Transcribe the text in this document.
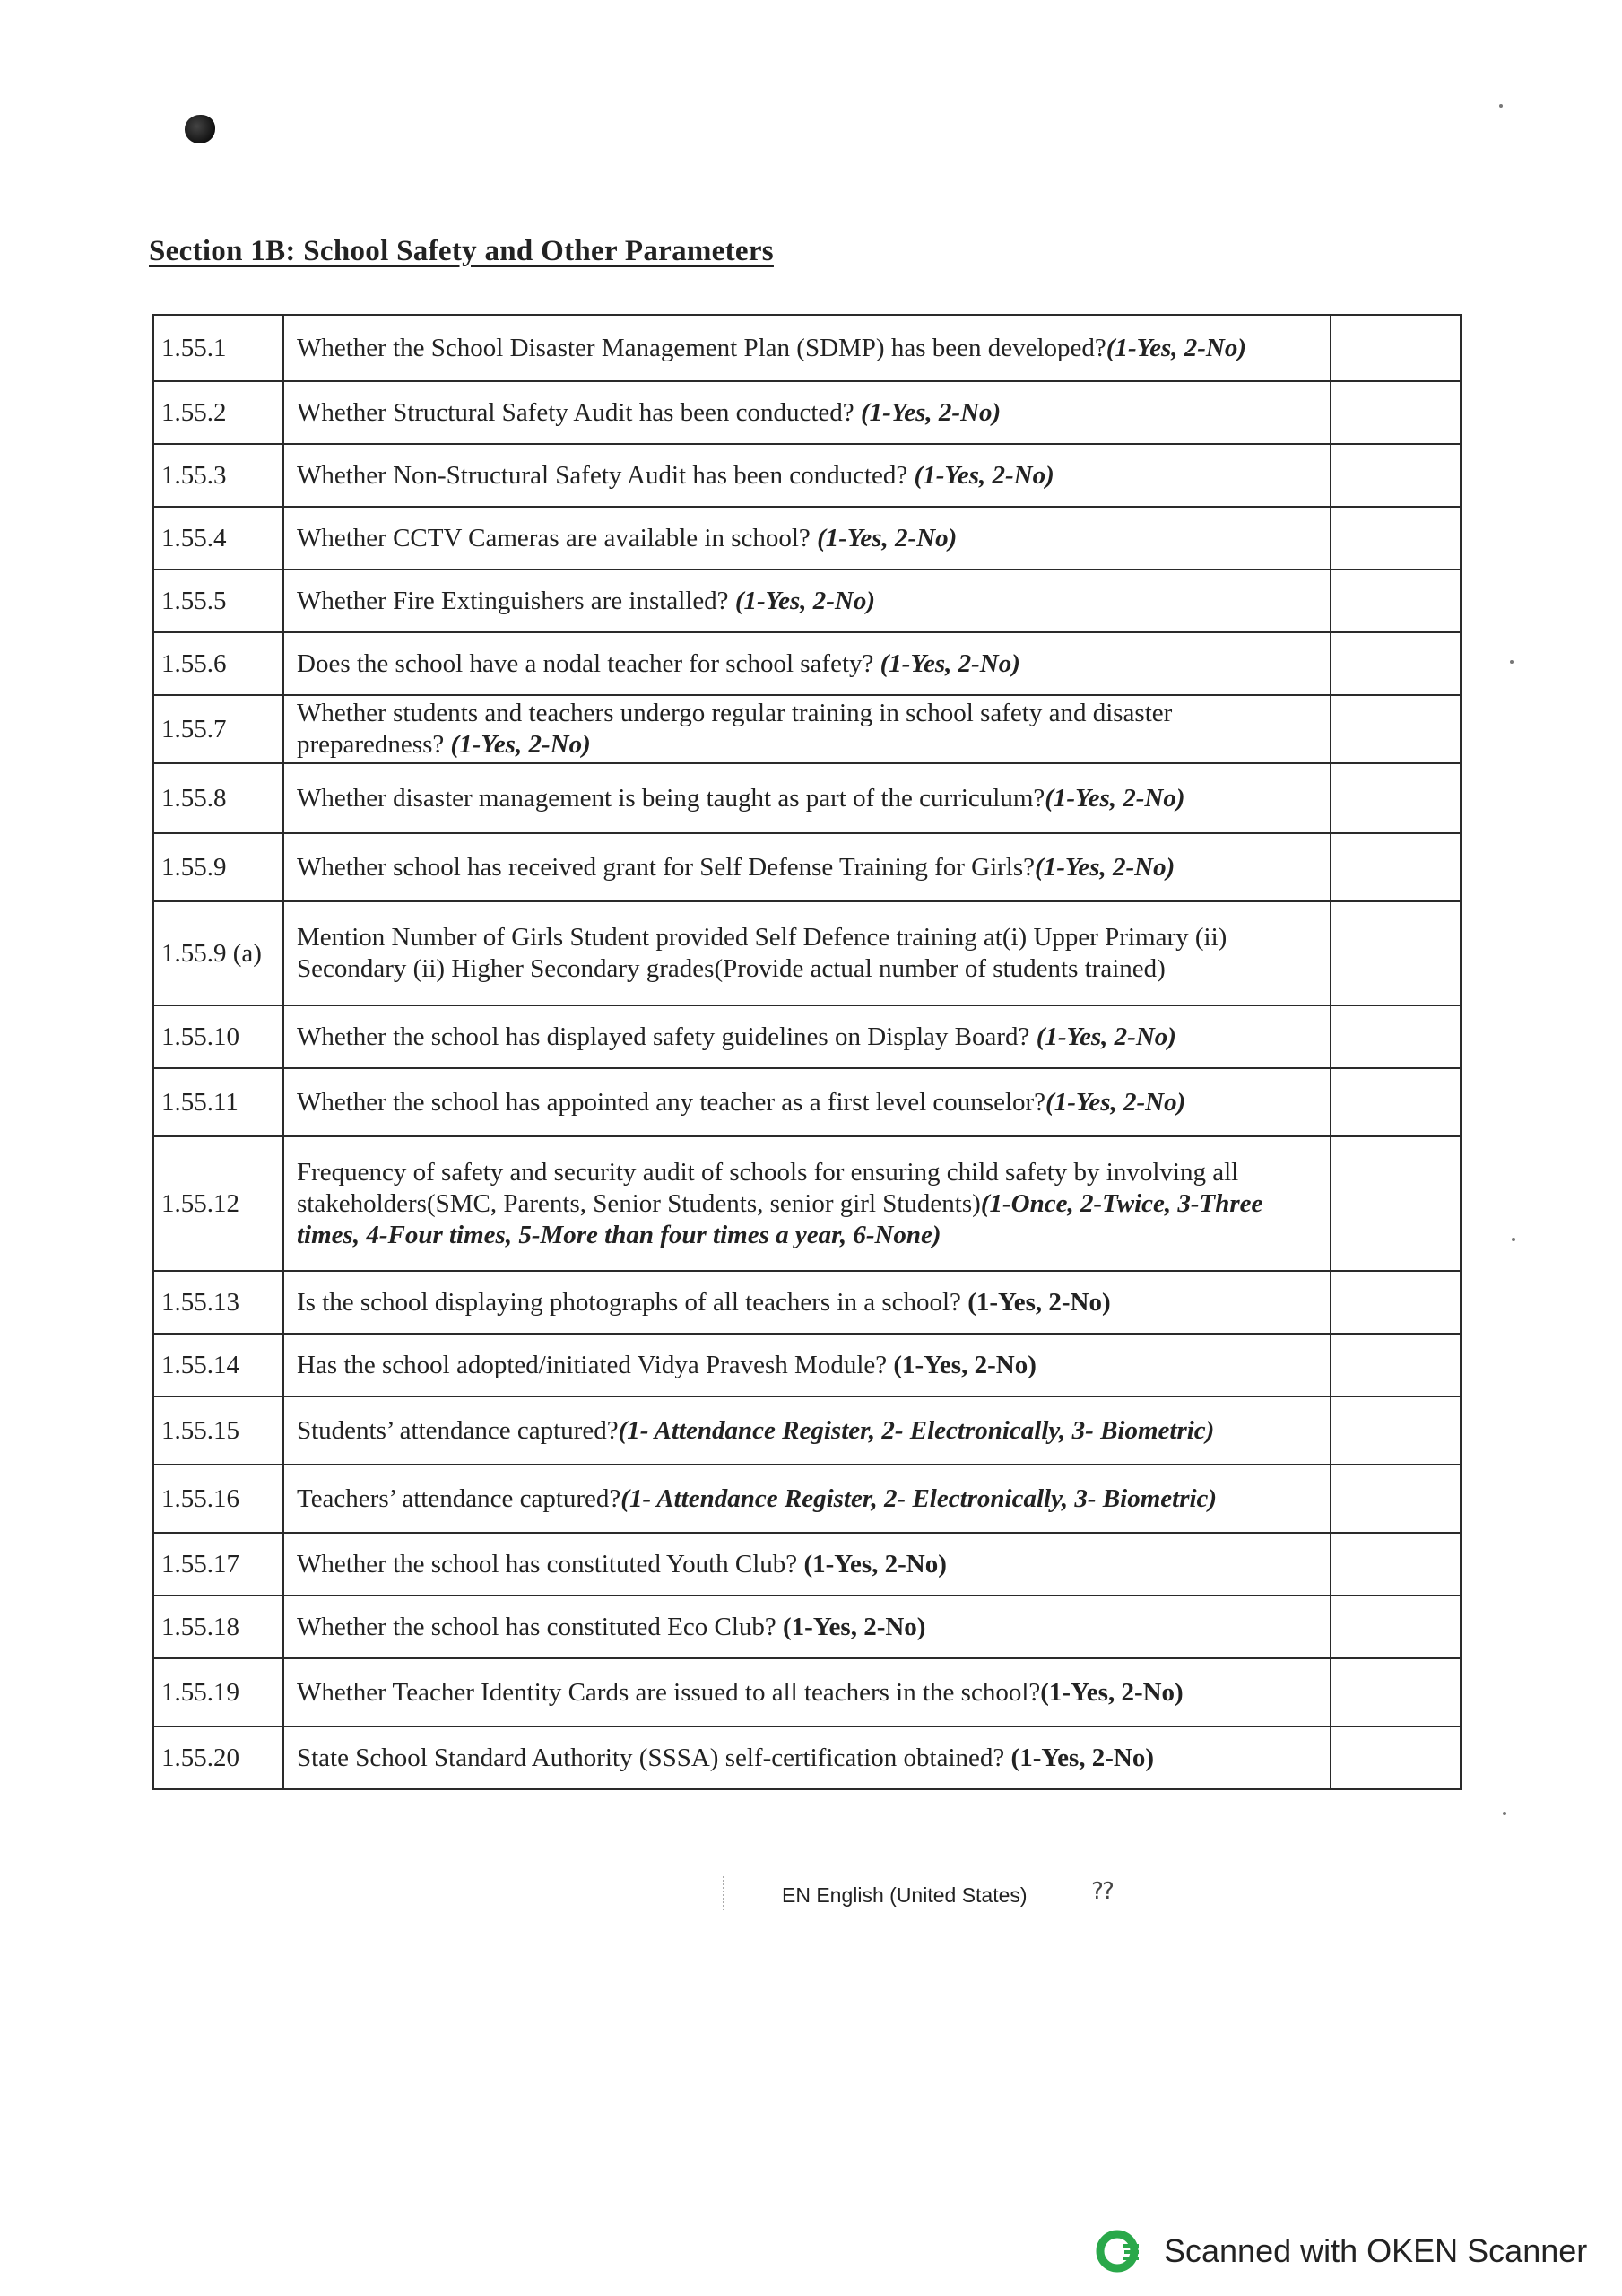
Section 1B: School Safety and Other Parameters
1.55.1	Whether the School Disaster Management Plan (SDMP) has been developed?(1-Yes, 2-No)	
1.55.2	Whether Structural Safety Audit has been conducted? (1-Yes, 2-No)	
1.55.3	Whether Non-Structural Safety Audit has been conducted? (1-Yes, 2-No)	
1.55.4	Whether CCTV Cameras are available in school? (1-Yes, 2-No)	
1.55.5	Whether Fire Extinguishers are installed? (1-Yes, 2-No)	
1.55.6	Does the school have a nodal teacher for school safety? (1-Yes, 2-No)	
1.55.7	Whether students and teachers undergo regular training in school safety and disaster preparedness? (1-Yes, 2-No)	
1.55.8	Whether disaster management is being taught as part of the curriculum?(1-Yes, 2-No)	
1.55.9	Whether school has received grant for Self Defense Training for Girls?(1-Yes, 2-No)	
1.55.9 (a)	Mention Number of Girls Student provided Self Defence training at(i) Upper Primary (ii) Secondary (ii) Higher Secondary grades(Provide actual number of students trained)	
1.55.10	Whether the school has displayed safety guidelines on Display Board? (1-Yes, 2-No)	
1.55.11	Whether the school has appointed any teacher as a first level counselor?(1-Yes, 2-No)	
1.55.12	Frequency of safety and security audit of schools for ensuring child safety by involving all stakeholders(SMC, Parents, Senior Students, senior girl Students)(1-Once, 2-Twice, 3-Three times, 4-Four times, 5-More than four times a year, 6-None)	
1.55.13	Is the school displaying photographs of all teachers in a school? (1-Yes, 2-No)	
1.55.14	Has the school adopted/initiated Vidya Pravesh Module? (1-Yes, 2-No)	
1.55.15	Students’ attendance captured?(1- Attendance Register, 2- Electronically, 3- Biometric)	
1.55.16	Teachers’ attendance captured?(1- Attendance Register, 2- Electronically, 3- Biometric)	
1.55.17	Whether the school has constituted Youth Club? (1-Yes, 2-No)	
1.55.18	Whether the school has constituted Eco Club? (1-Yes, 2-No)	
1.55.19	Whether Teacher Identity Cards are issued to all teachers in the school?(1-Yes, 2-No)	
1.55.20	State School Standard Authority (SSSA) self-certification obtained? (1-Yes, 2-No)	
EN English (United States)	⁇
Scanned with OKEN Scanner
